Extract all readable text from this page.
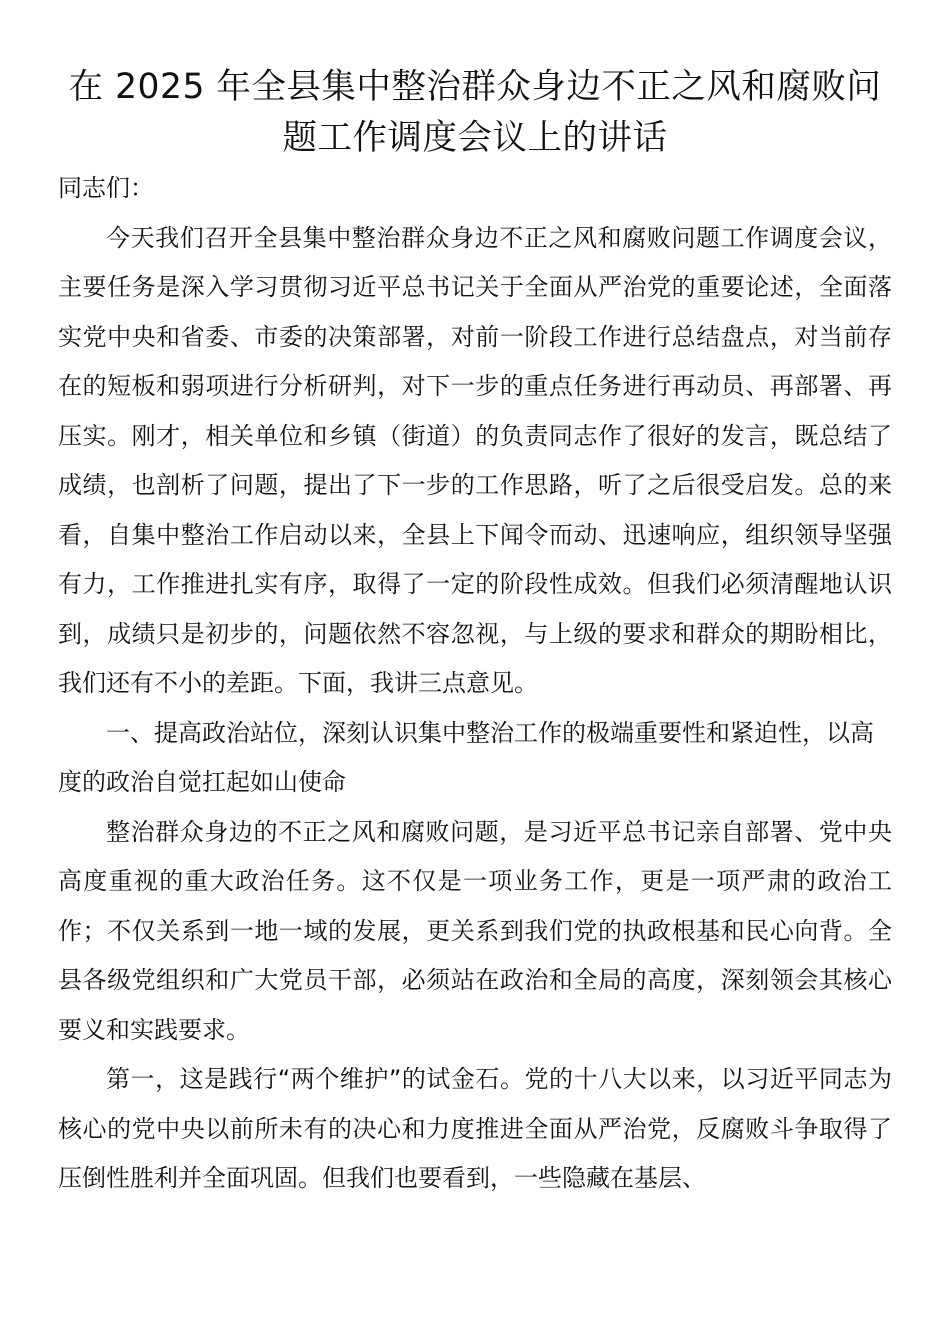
在 2025 年全县集中整治群众身边不正之风和腐败问题工作调度会议上的讲话

同志们：

今天我们召开全县集中整治群众身边不正之风和腐败问题工作调度会议，主要任务是深入学习贯彻习近平总书记关于全面从严治党的重要论述，全面落实党中央和省委、市委的决策部署，对前一阶段工作进行总结盘点，对当前存在的短板和弱项进行分析研判，对下一步的重点任务进行再动员、再部署、再压实。刚才，相关单位和乡镇（街道）的负责同志作了很好的发言，既总结了成绩，也剖析了问题，提出了下一步的工作思路，听了之后很受启发。总的来看，自集中整治工作启动以来，全县上下闻令而动、迅速响应，组织领导坚强有力，工作推进扎实有序，取得了一定的阶段性成效。但我们必须清醒地认识到，成绩只是初步的，问题依然不容忽视，与上级的要求和群众的期盼相比，我们还有不小的差距。下面，我讲三点意见。

一、提高政治站位，深刻认识集中整治工作的极端重要性和紧迫性，以高度的政治自觉扛起如山使命

整治群众身边的不正之风和腐败问题，是习近平总书记亲自部署、党中央高度重视的重大政治任务。这不仅是一项业务工作，更是一项严肃的政治工作；不仅关系到一地一域的发展，更关系到我们党的执政根基和民心向背。全县各级党组织和广大党员干部，必须站在政治和全局的高度，深刻领会其核心要义和实践要求。

第一，这是践行“两个维护”的试金石。党的十八大以来，以习近平同志为核心的党中央以前所未有的决心和力度推进全面从严治党，反腐败斗争取得了压倒性胜利并全面巩固。但我们也要看到，一些隐藏在基层、
